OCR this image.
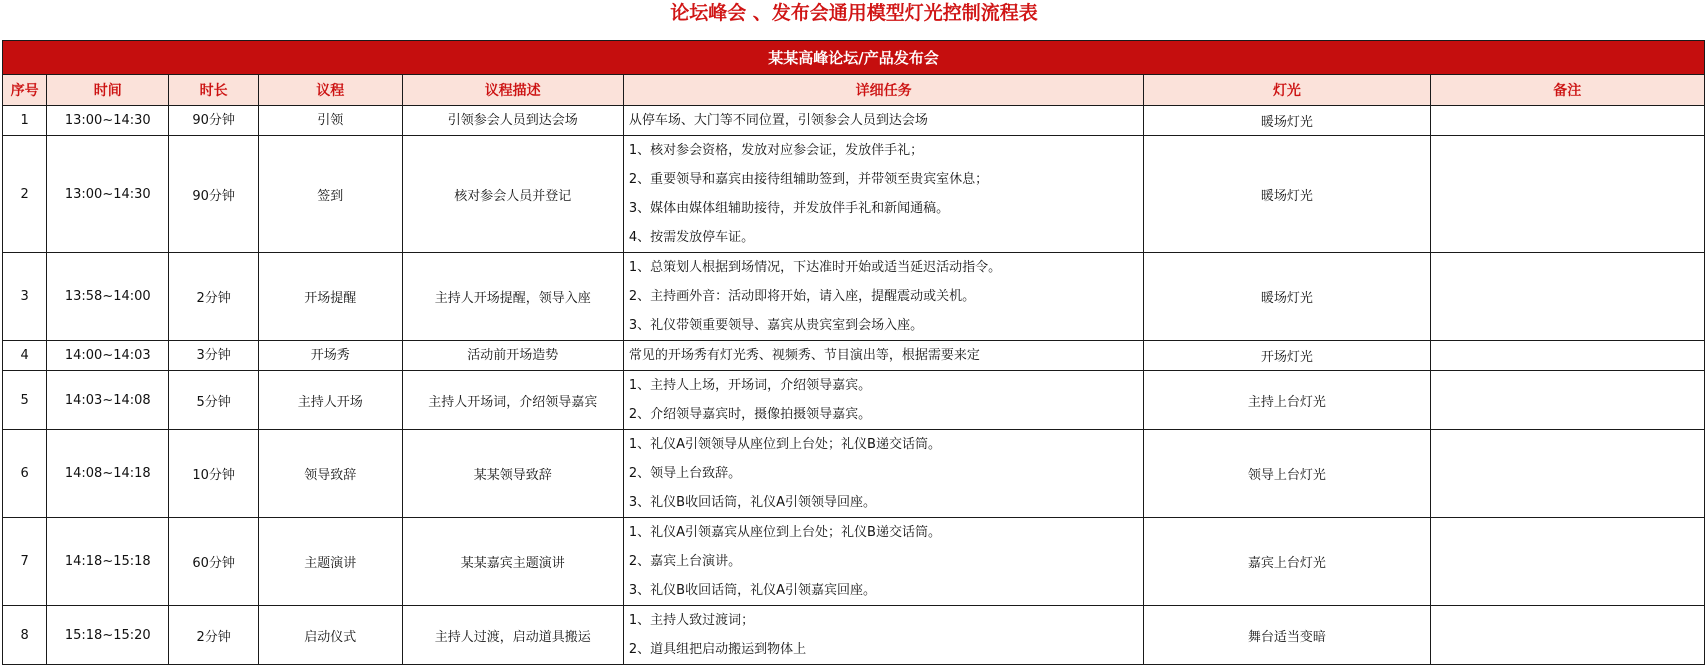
论坛峰会 、发布会通用模型灯光控制流程表
某某高峰论坛/产品发布会							
序号	时间	时长	议程	议程描述	详细任务	灯光	备注
1	13:00~14:30	90分钟	引领	引领参会人员到达会场	从停车场、大门等不同位置，引领参会人员到达会场	暖场灯光	
2	13:00~14:30	90分钟	签到	核对参会人员并登记	1、核对参会资格，发放对应参会证，发放伴手礼；
2、重要领导和嘉宾由接待组辅助签到，并带领至贵宾室休息；
3、媒体由媒体组辅助接待，并发放伴手礼和新闻通稿。
4、按需发放停车证。	暖场灯光	
3	13:58~14:00	2分钟	开场提醒	主持人开场提醒，领导入座	1、总策划人根据到场情况，下达准时开始或适当延迟活动指令。
2、主持画外音：活动即将开始，请入座，提醒震动或关机。
3、礼仪带领重要领导、嘉宾从贵宾室到会场入座。	暖场灯光	
4	14:00~14:03	3分钟	开场秀	活动前开场造势	常见的开场秀有灯光秀、视频秀、节目演出等，根据需要来定	开场灯光	
5	14:03~14:08	5分钟	主持人开场	主持人开场词，介绍领导嘉宾	1、主持人上场，开场词，介绍领导嘉宾。
2、介绍领导嘉宾时，摄像拍摄领导嘉宾。	主持上台灯光	
6	14:08~14:18	10分钟	领导致辞	某某领导致辞	1、礼仪A引领领导从座位到上台处；礼仪B递交话筒。
2、领导上台致辞。
3、礼仪B收回话筒，礼仪A引领领导回座。	领导上台灯光	
7	14:18~15:18	60分钟	主题演讲	某某嘉宾主题演讲	1、礼仪A引领嘉宾从座位到上台处；礼仪B递交话筒。
2、嘉宾上台演讲。
3、礼仪B收回话筒，礼仪A引领嘉宾回座。	嘉宾上台灯光	
8	15:18~15:20	2分钟	启动仪式	主持人过渡，启动道具搬运	1、主持人致过渡词；
2、道具组把启动搬运到物体上	舞台适当变暗	
